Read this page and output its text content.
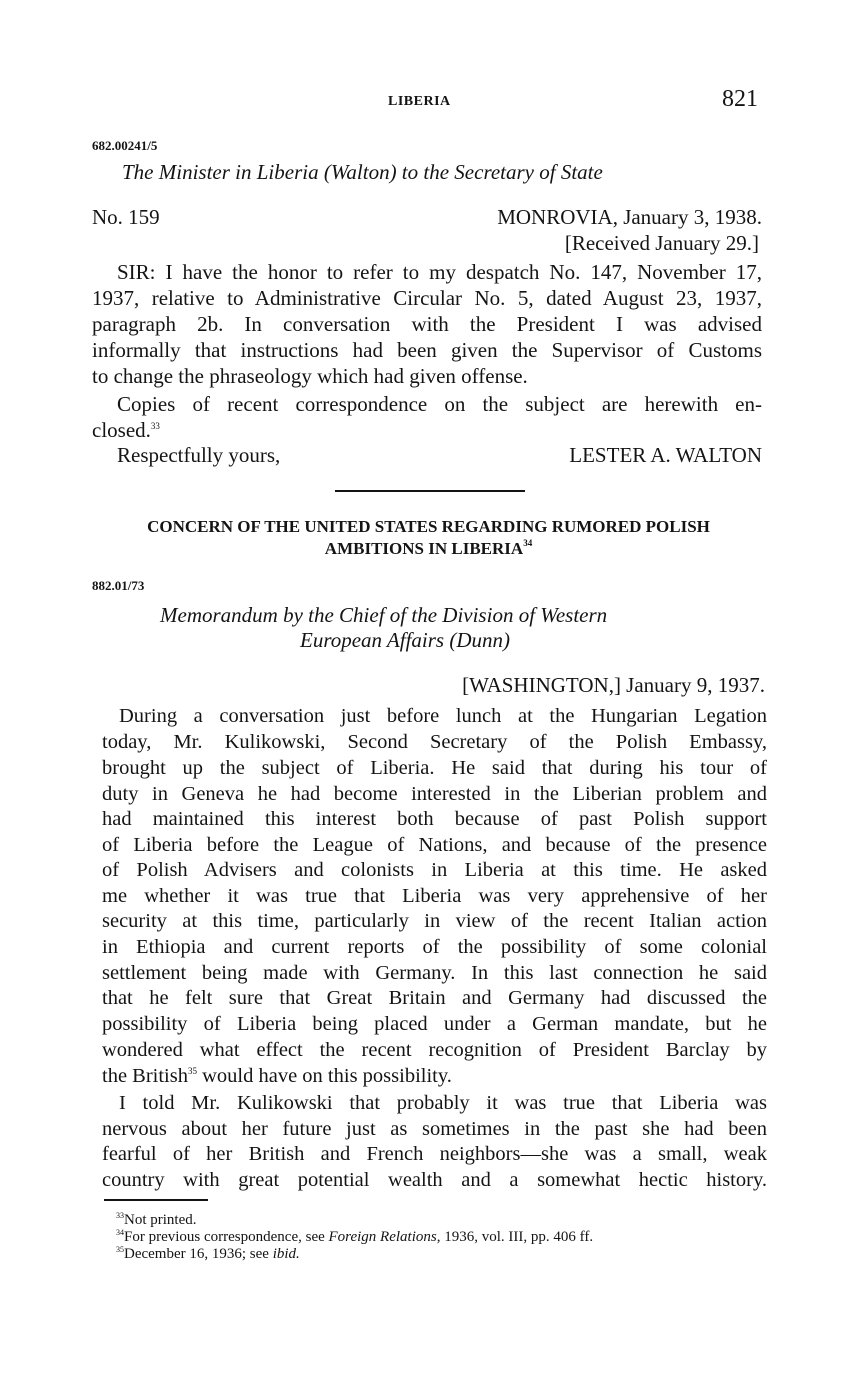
LIBERIA	821
682.00241/5
The Minister in Liberia (Walton) to the Secretary of State
No. 159	MONROVIA, January 3, 1938.
[Received January 29.]
SIR: I have the honor to refer to my despatch No. 147, November 17,
1937, relative to Administrative Circular No. 5, dated August 23, 1937,
paragraph 2b. In conversation with the President I was advised
informally that instructions had been given the Supervisor of Customs
to change the phraseology which had given offense.
Copies of recent correspondence on the subject are herewith en-
closed.$^{33}$
Respectfully yours,	LESTER A. WALTON
CONCERN OF THE UNITED STATES REGARDING RUMORED POLISH
AMBITIONS IN LIBERIA$^{34}$
882.01/73
Memorandum by the Chief of the Division of Western
European Affairs (Dunn)
[WASHINGTON,] January 9, 1937.
During a conversation just before lunch at the Hungarian Legation
today, Mr. Kulikowski, Second Secretary of the Polish Embassy,
brought up the subject of Liberia. He said that during his tour of
duty in Geneva he had become interested in the Liberian problem and
had maintained this interest both because of past Polish support
of Liberia before the League of Nations, and because of the presence
of Polish Advisers and colonists in Liberia at this time. He asked
me whether it was true that Liberia was very apprehensive of her
security at this time, particularly in view of the recent Italian action
in Ethiopia and current reports of the possibility of some colonial
settlement being made with Germany. In this last connection he said
that he felt sure that Great Britain and Germany had discussed the
possibility of Liberia being placed under a German mandate, but he
wondered what effect the recent recognition of President Barclay by
the British$^{35}$ would have on this possibility.
I told Mr. Kulikowski that probably it was true that Liberia was
nervous about her future just as sometimes in the past she had been
fearful of her British and French neighbors—she was a small, weak
country with great potential wealth and a somewhat hectic history.
$^{33}$Not printed.
$^{34}$For previous correspondence, see Foreign Relations, 1936, vol. III, pp. 406 ff.
$^{35}$December 16, 1936; see ibid.
